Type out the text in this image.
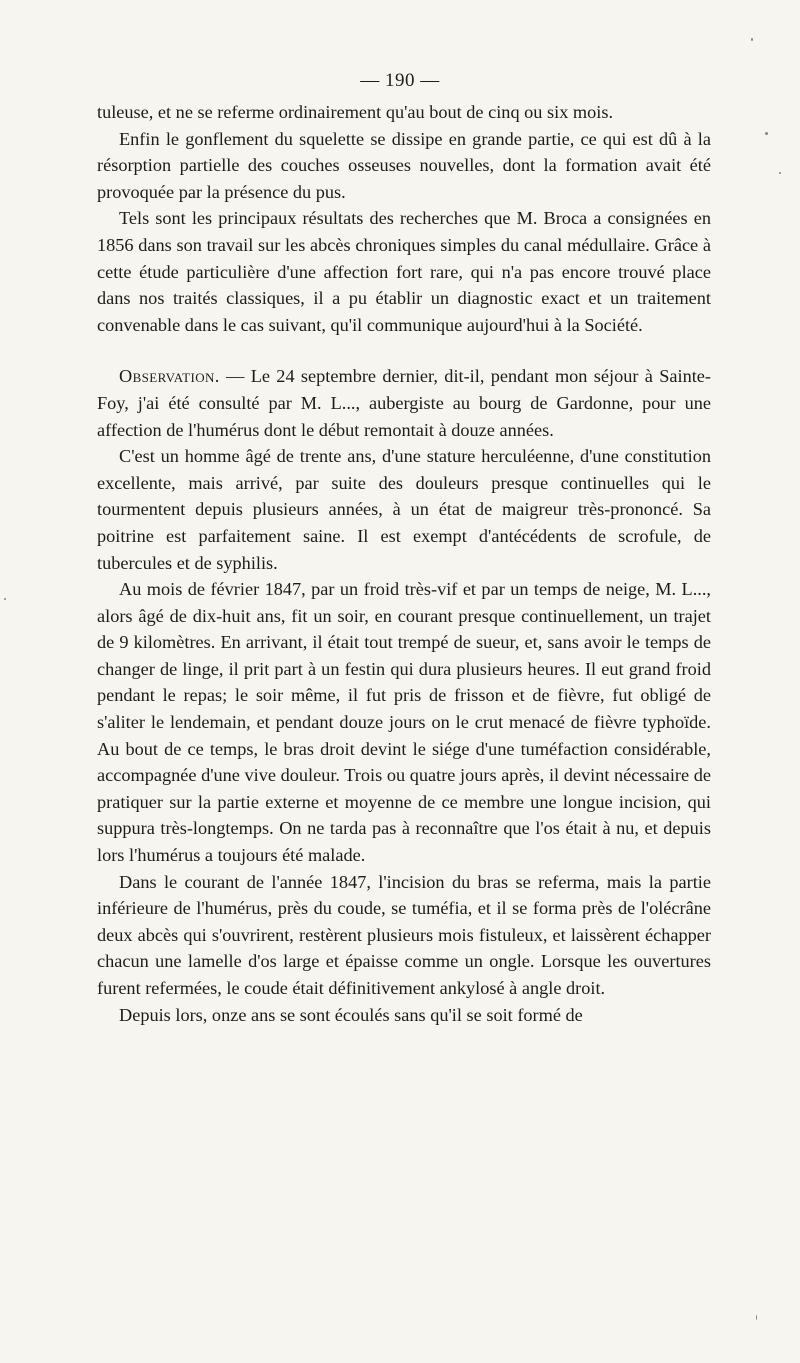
— 190 —

tuleuse, et ne se referme ordinairement qu'au bout de cinq ou six mois.

Enfin le gonflement du squelette se dissipe en grande partie, ce qui est dû à la résorption partielle des couches osseuses nouvelles, dont la formation avait été provoquée par la présence du pus.

Tels sont les principaux résultats des recherches que M. Broca a consignées en 1856 dans son travail sur les abcès chroniques simples du canal médullaire. Grâce à cette étude particulière d'une affection fort rare, qui n'a pas encore trouvé place dans nos traités classiques, il a pu établir un diagnostic exact et un traitement convenable dans le cas suivant, qu'il communique aujourd'hui à la Société.

Observation. — Le 24 septembre dernier, dit-il, pendant mon séjour à Sainte-Foy, j'ai été consulté par M. L..., aubergiste au bourg de Gardonne, pour une affection de l'humérus dont le début remontait à douze années.

C'est un homme âgé de trente ans, d'une stature herculéenne, d'une constitution excellente, mais arrivé, par suite des douleurs presque continuelles qui le tourmentent depuis plusieurs années, à un état de maigreur très-prononcé. Sa poitrine est parfaitement saine. Il est exempt d'antécédents de scrofule, de tubercules et de syphilis.

Au mois de février 1847, par un froid très-vif et par un temps de neige, M. L..., alors âgé de dix-huit ans, fit un soir, en courant presque continuellement, un trajet de 9 kilomètres. En arrivant, il était tout trempé de sueur, et, sans avoir le temps de changer de linge, il prit part à un festin qui dura plusieurs heures. Il eut grand froid pendant le repas; le soir même, il fut pris de frisson et de fièvre, fut obligé de s'aliter le lendemain, et pendant douze jours on le crut menacé de fièvre typhoïde. Au bout de ce temps, le bras droit devint le siége d'une tuméfaction considérable, accompagnée d'une vive douleur. Trois ou quatre jours après, il devint nécessaire de pratiquer sur la partie externe et moyenne de ce membre une longue incision, qui suppura très-longtemps. On ne tarda pas à reconnaître que l'os était à nu, et depuis lors l'humérus a toujours été malade.

Dans le courant de l'année 1847, l'incision du bras se referma, mais la partie inférieure de l'humérus, près du coude, se tuméfia, et il se forma près de l'olécrâne deux abcès qui s'ouvrirent, restèrent plusieurs mois fistuleux, et laissèrent échapper chacun une lamelle d'os large et épaisse comme un ongle. Lorsque les ouvertures furent refermées, le coude était définitivement ankylosé à angle droit.

Depuis lors, onze ans se sont écoulés sans qu'il se soit formé de
